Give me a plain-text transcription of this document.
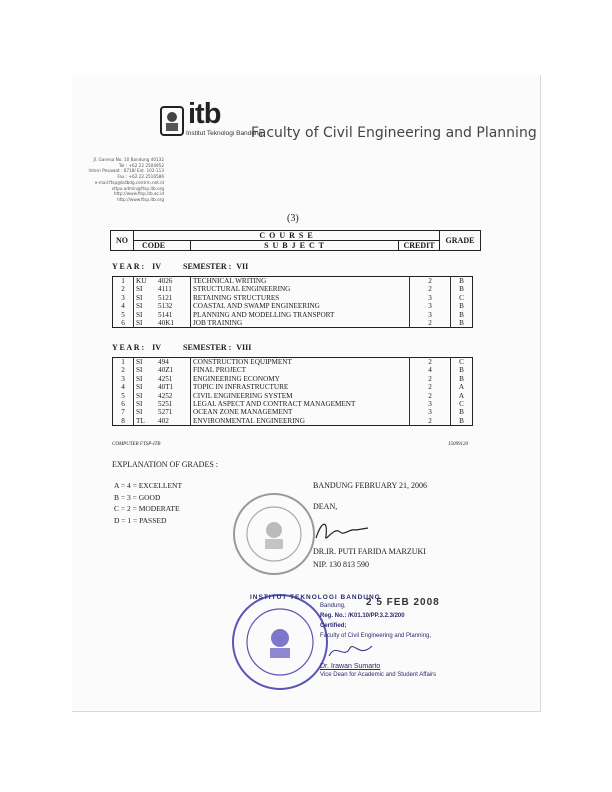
itb
Institut Teknologi Bandung
Faculty of Civil Engineering and Planning
Jl. Ganesa No. 10 Bandung 40132
Tel : +62 22 2504952
Intern Pesawat : 8718/ Ext. 102-113
Fax : +62 22 2516586
e-mail:ftsp@bdbdg.centrin.net.id
sttpa.admin@ftsp.itb.org
http://www.ftsp.itb.ac.id
http://www.ftsp.itb.org
(3)
NO	C O U R S E			GRADE
	CODE	S U B J E C T	CREDIT	
Y E A R : IV	SEMESTER : VII
1	KU 4026	TECHNICAL WRITING	2	B
2	SI 4111	STRUCTURAL ENGINEERING	2	B
3	SI 5121	RETAINING STRUCTURES	3	C
4	SI 5132	COASTAL AND SWAMP ENGINEERING	3	B
5	SI 5141	PLANNING AND MODELLING TRANSPORT	3	B
6	SI 40K1	JOB TRAINING	2	B
Y E A R : IV	SEMESTER : VIII
1	SI 494	CONSTRUCTION EQUIPMENT	2	C
2	SI 40Z1	FINAL PROJECT	4	B
3	SI 4251	ENGINEERING ECONOMY	2	B
4	SI 40T1	TOPIC IN INFRASTRUCTURE	2	A
5	SI 4252	CIVIL ENGINEERING SYSTEM	2	A
6	SI 5251	LEGAL ASPECT AND CONTRACT MANAGEMENT	3	C
7	SI 5271	OCEAN ZONE MANAGEMENT	3	B
8	TL 402	ENVIRONMENTAL ENGINEERING	2	B
COMPUTER FTSP-ITB	15099120
EXPLANATION OF GRADES :
A = 4 = EXCELLENT
B = 3 = GOOD
C = 2 = MODERATE
D = 1 = PASSED
BANDUNG FEBRUARY 21, 2006
DEAN,
DR.IR. PUTI FARIDA MARZUKI
NIP. 130 813 590
INSTITUT TEKNOLOGI BANDUNG
Bandung, 2 5 FEB 2008
Reg. No.: /K01.10/PP.3.2.3/200
Certified;
Faculty of Civil Engineering and Planning,
Dr. Irawan Sumarto
Vice Dean for Academic and Student Affairs
